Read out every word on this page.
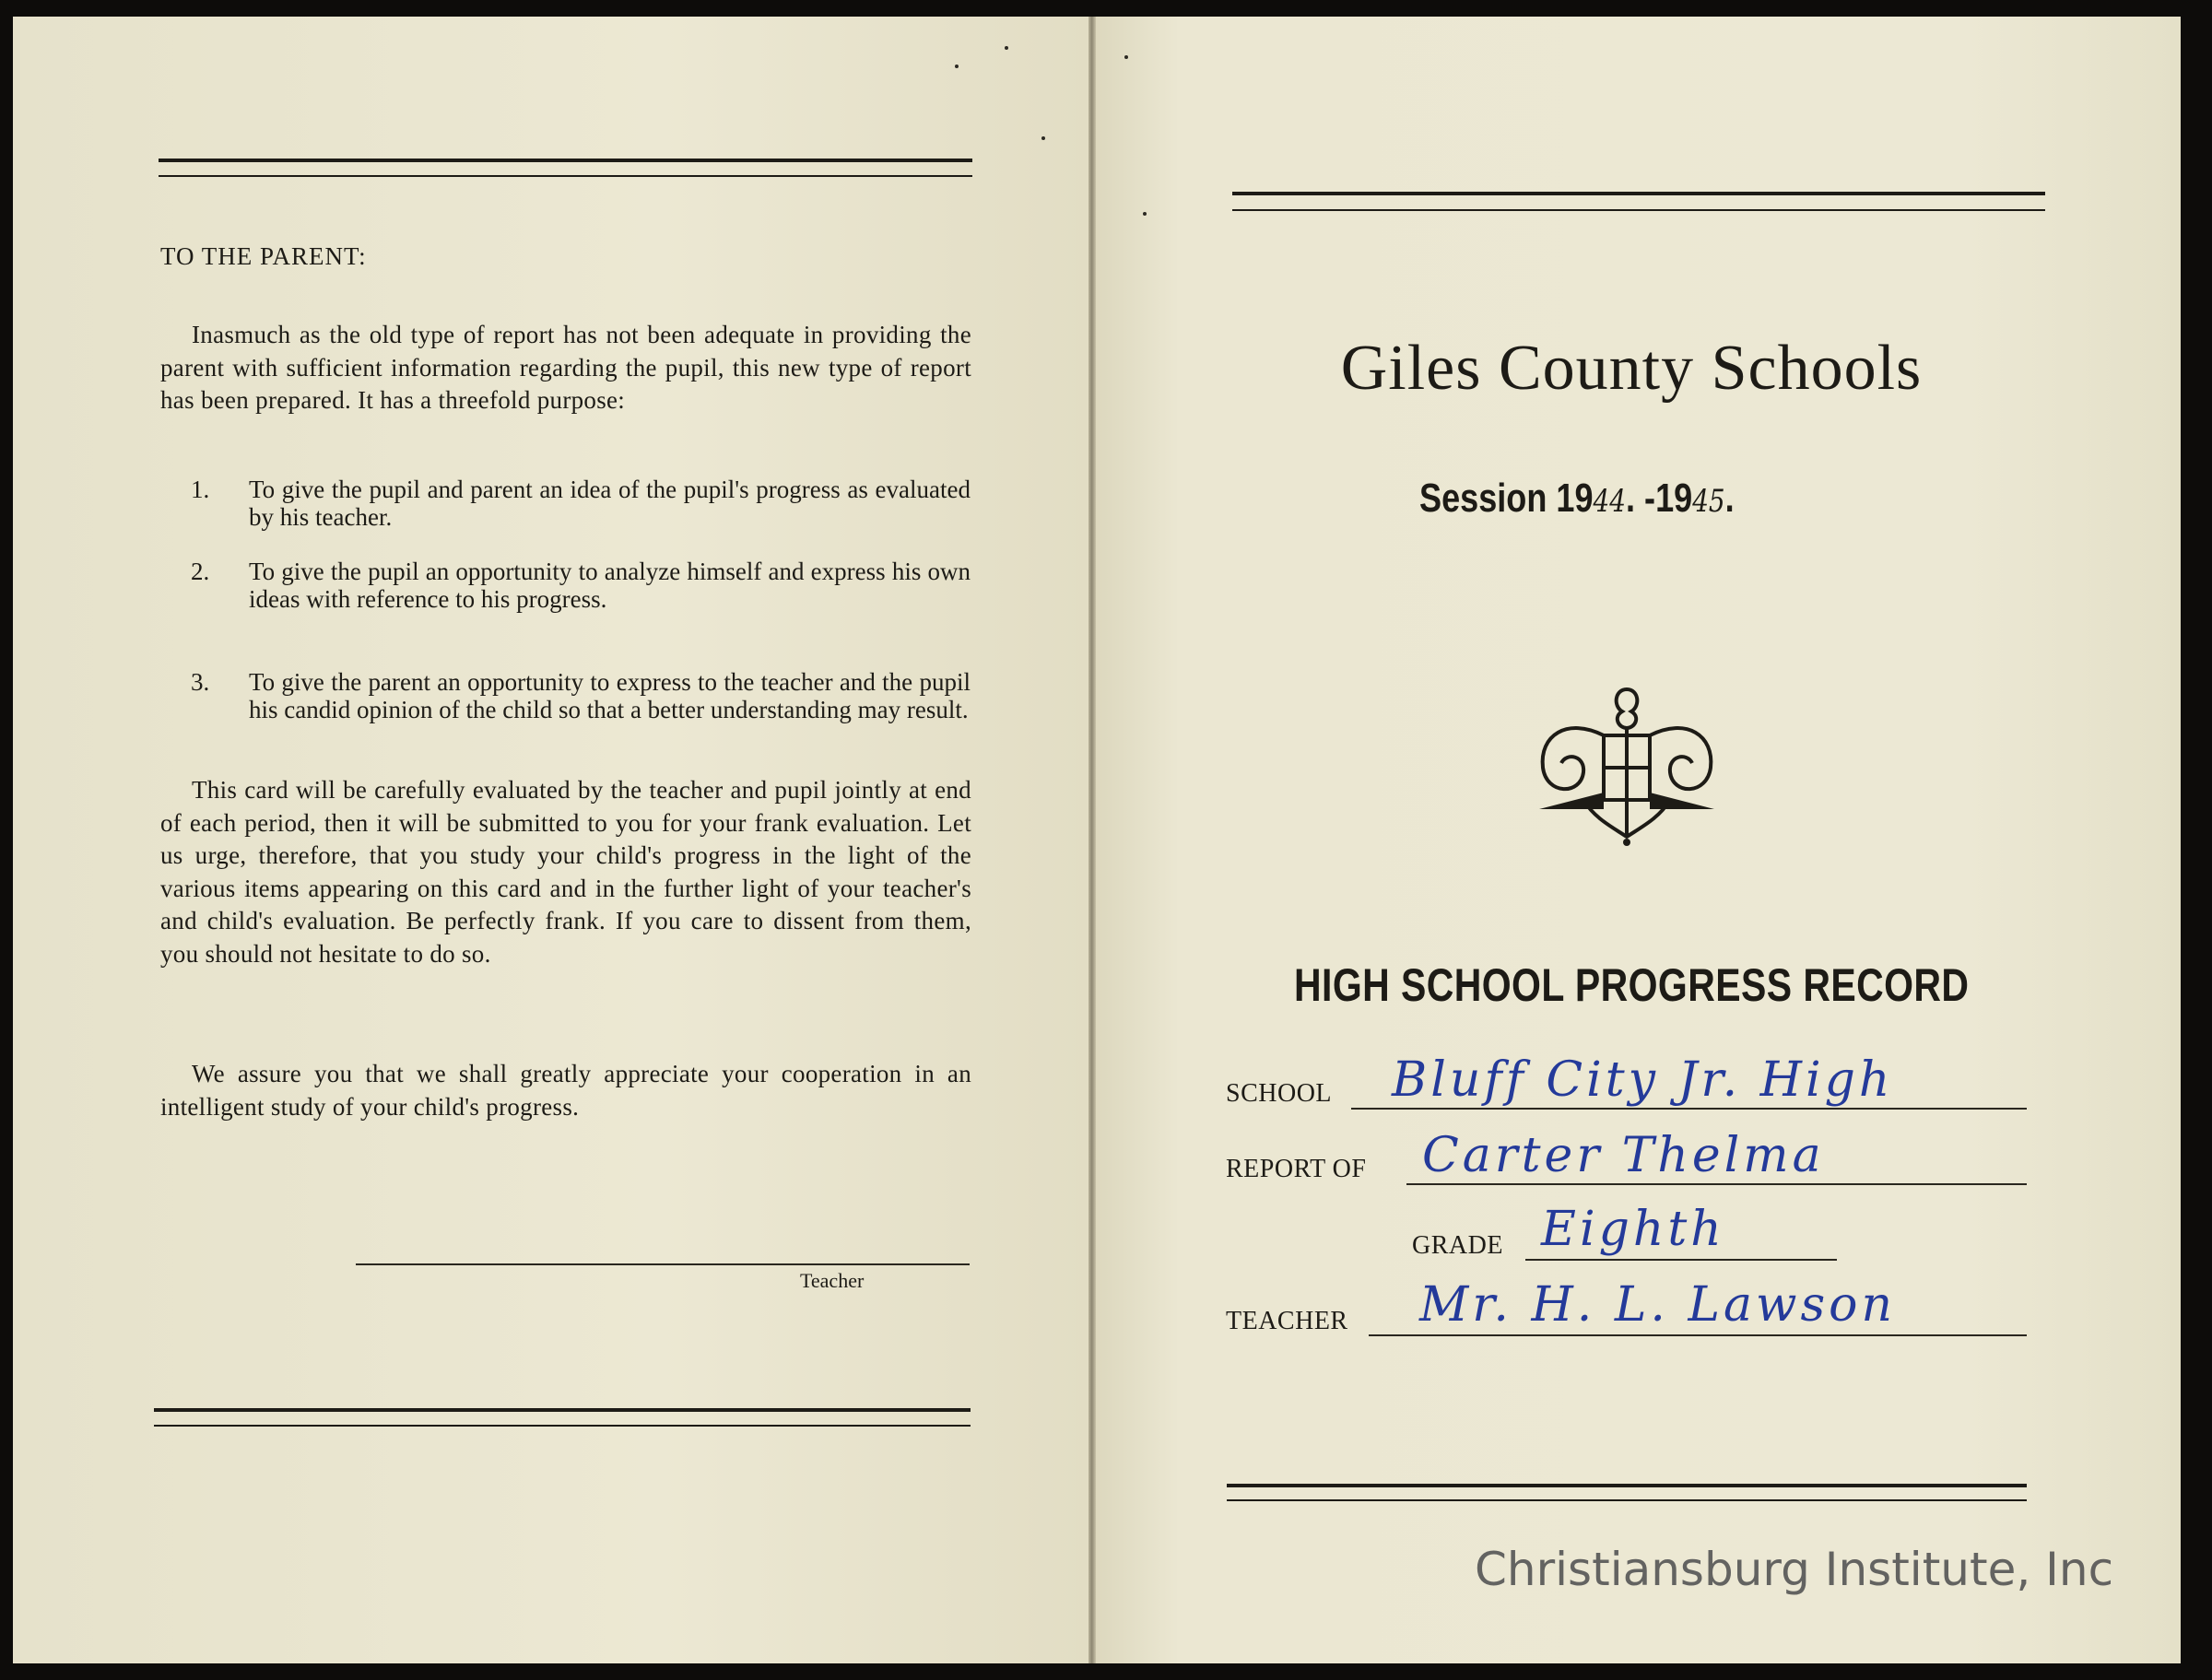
TO THE PARENT:
Inasmuch as the old type of report has not been adequate in providing the parent with sufficient information regarding the pupil, this new type of report has been prepared. It has a threefold purpose:
1. To give the pupil and parent an idea of the pupil's progress as evaluated by his teacher.
2. To give the pupil an opportunity to analyze himself and express his own ideas with reference to his progress.
3. To give the parent an opportunity to express to the teacher and the pupil his candid opinion of the child so that a better understanding may result.
This card will be carefully evaluated by the teacher and pupil jointly at end of each period, then it will be submitted to you for your frank evaluation. Let us urge, therefore, that you study your child's progress in the light of the various items appearing on this card and in the further light of your teacher's and child's evaluation. Be perfectly frank. If you care to dissent from them, you should not hesitate to do so.
We assure you that we shall greatly appreciate your cooperation in an intelligent study of your child's progress.
Teacher
Giles County Schools
Session 1944. -1945.
HIGH SCHOOL PROGRESS RECORD
SCHOOL Bluff City Jr. High
REPORT OF Carter Thelma
GRADE Eighth
TEACHER Mr. H. L. Lawson
Christiansburg Institute, Inc
